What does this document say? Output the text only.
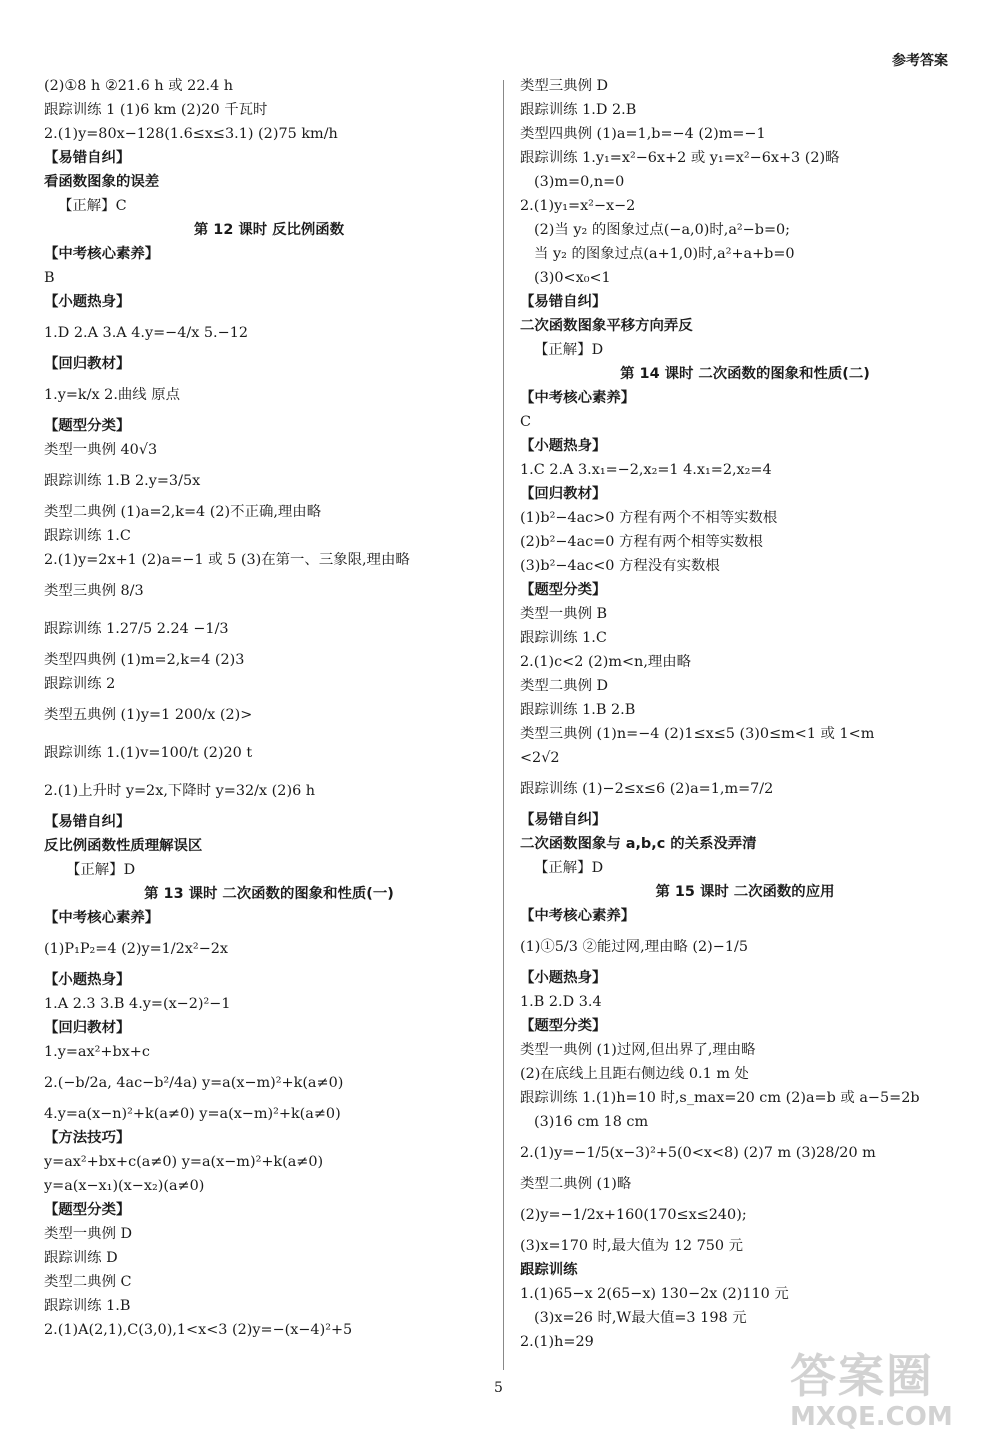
参考答案
(2)①8 h ②21.6 h 或 22.4 h
跟踪训练 1 (1)6 km (2)20 千瓦时
2.(1)y=80x−128(1.6≤x≤3.1) (2)75 km/h
【易错自纠】
看函数图象的误差
【正解】C
第 12 课时 反比例函数
【中考核心素养】
B
【小题热身】
1.D 2.A 3.A 4.y=−4/x 5.−12
【回归教材】
1.y=k/x 2.曲线 原点
【题型分类】
类型一典例 40√3
跟踪训练 1.B 2.y=3/5x
类型二典例 (1)a=2,k=4 (2)不正确,理由略
跟踪训练 1.C
2.(1)y=2x+1 (2)a=−1 或 5 (3)在第一、三象限,理由略
类型三典例 8/3
跟踪训练 1.27/5 2.24 −1/3
类型四典例 (1)m=2,k=4 (2)3
跟踪训练 2
类型五典例 (1)y=1 200/x (2)>
跟踪训练 1.(1)v=100/t (2)20 t
2.(1)上升时 y=2x,下降时 y=32/x (2)6 h
【易错自纠】
反比例函数性质理解误区
【正解】D
第 13 课时 二次函数的图象和性质(一)
【中考核心素养】
(1)P₁P₂=4 (2)y=1/2x²−2x
【小题热身】
1.A 2.3 3.B 4.y=(x−2)²−1
【回归教材】
1.y=ax²+bx+c
2.(−b/2a, 4ac−b²/4a) y=a(x−m)²+k(a≠0)
4.y=a(x−n)²+k(a≠0) y=a(x−m)²+k(a≠0)
【方法技巧】
y=ax²+bx+c(a≠0) y=a(x−m)²+k(a≠0)
y=a(x−x₁)(x−x₂)(a≠0)
【题型分类】
类型一典例 D
跟踪训练 D
类型二典例 C
跟踪训练 1.B
2.(1)A(2,1),C(3,0),1<x<3 (2)y=−(x−4)²+5
类型三典例 D
跟踪训练 1.D 2.B
类型四典例 (1)a=1,b=−4 (2)m=−1
跟踪训练 1.y₁=x²−6x+2 或 y₁=x²−6x+3 (2)略
(3)m=0,n=0
2.(1)y₁=x²−x−2
(2)当 y₂ 的图象过点(−a,0)时,a²−b=0;
当 y₂ 的图象过点(a+1,0)时,a²+a+b=0
(3)0<x₀<1
【易错自纠】
二次函数图象平移方向弄反
【正解】D
第 14 课时 二次函数的图象和性质(二)
【中考核心素养】
C
【小题热身】
1.C 2.A 3.x₁=−2,x₂=1 4.x₁=2,x₂=4
【回归教材】
(1)b²−4ac>0 方程有两个不相等实数根
(2)b²−4ac=0 方程有两个相等实数根
(3)b²−4ac<0 方程没有实数根
【题型分类】
类型一典例 B
跟踪训练 1.C
2.(1)c<2 (2)m<n,理由略
类型二典例 D
跟踪训练 1.B 2.B
类型三典例 (1)n=−4 (2)1≤x≤5 (3)0≤m<1 或 1<m
<2√2
跟踪训练 (1)−2≤x≤6 (2)a=1,m=7/2
【易错自纠】
二次函数图象与 a,b,c 的关系没弄清
【正解】D
第 15 课时 二次函数的应用
【中考核心素养】
(1)①5/3 ②能过网,理由略 (2)−1/5
【小题热身】
1.B 2.D 3.4
【题型分类】
类型一典例 (1)过网,但出界了,理由略
(2)在底线上且距右侧边线 0.1 m 处
跟踪训练 1.(1)h=10 时,s_max=20 cm (2)a=b 或 a−5=2b
(3)16 cm 18 cm
2.(1)y=−1/5(x−3)²+5(0<x<8) (2)7 m (3)28/20 m
类型二典例 (1)略
(2)y=−1/2x+160(170≤x≤240);
(3)x=170 时,最大值为 12 750 元
跟踪训练
1.(1)65−x 2(65−x) 130−2x (2)110 元
(3)x=26 时,W最大值=3 198 元
2.(1)h=29
5	答案圈
MXQE.COM
